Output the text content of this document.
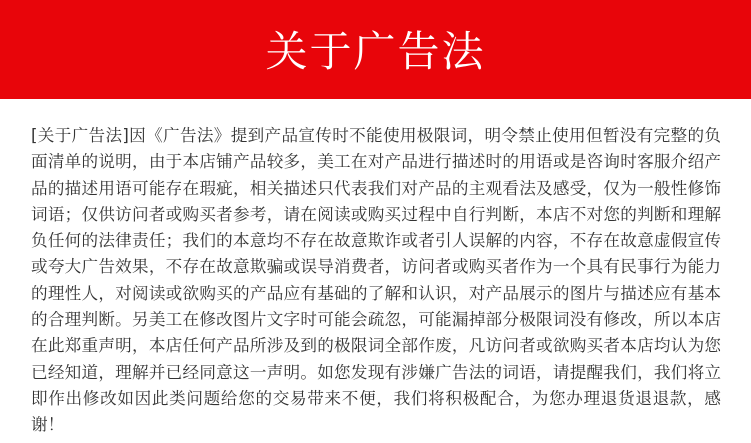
关于广告法

[关于广告法]因《广告法》提到产品宣传时不能使用极限词，明令禁止使用但暂没有完整的负面清单的说明，由于本店铺产品较多，美工在对产品进行描述时的用语或是咨询时客服介绍产品的描述用语可能存在瑕疵，相关描述只代表我们对产品的主观看法及感受，仅为一般性修饰词语；仅供访问者或购买者参考，请在阅读或购买过程中自行判断，本店不对您的判断和理解负任何的法律责任；我们的本意均不存在故意欺诈或者引人误解的内容，不存在故意虚假宣传或夸大广告效果，不存在故意欺骗或误导消费者，访问者或购买者作为一个具有民事行为能力的理性人，对阅读或欲购买的产品应有基础的了解和认识，对产品展示的图片与描述应有基本的合理判断。另美工在修改图片文字时可能会疏忽，可能漏掉部分极限词没有修改，所以本店在此郑重声明，本店任何产品所涉及到的极限词全部作废，凡访问者或欲购买者本店均认为您已经知道，理解并已经同意这一声明。如您发现有涉嫌广告法的词语，请提醒我们，我们将立即作出修改如因此类问题给您的交易带来不便，我们将积极配合，为您办理退货退退款，感谢！
